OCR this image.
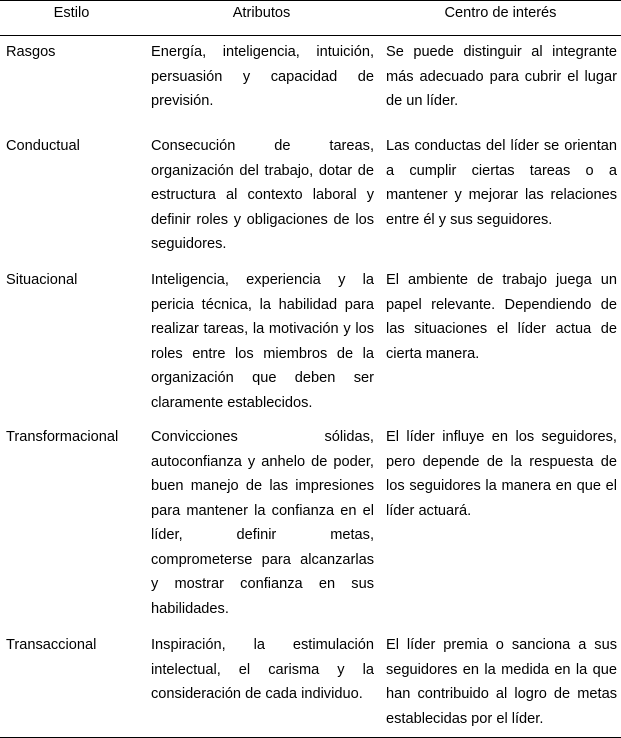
Estilo	Atributos	Centro de interés
Rasgos	Energía, inteligencia, intuición, persuasión y capacidad de previsión.	Se puede distinguir al integrante más adecuado para cubrir el lugar de un líder.
Conductual	Consecución de tareas, organización del trabajo, dotar de estructura al contexto laboral y definir roles y obligaciones de los seguidores.	Las conductas del líder se orientan a cumplir ciertas tareas o a mantener y mejorar las relaciones entre él y sus seguidores.
Situacional	Inteligencia, experiencia y la pericia técnica, la habilidad para realizar tareas, la motivación y los roles entre los miembros de la organización que deben ser claramente establecidos.	El ambiente de trabajo juega un papel relevante. Dependiendo de las situaciones el líder actua de cierta manera.
Transformacional	Convicciones sólidas, autoconfianza y anhelo de poder, buen manejo de las impresiones para mantener la confianza en el líder, definir metas, comprometerse para alcanzarlas y mostrar confianza en sus habilidades.	El líder influye en los seguidores, pero depende de la respuesta de los seguidores la manera en que el líder actuará.
Transaccional	Inspiración, la estimulación intelectual, el carisma y la consideración de cada individuo.	El líder premia o sanciona a sus seguidores en la medida en la que han contribuido al logro de metas establecidas por el líder.
